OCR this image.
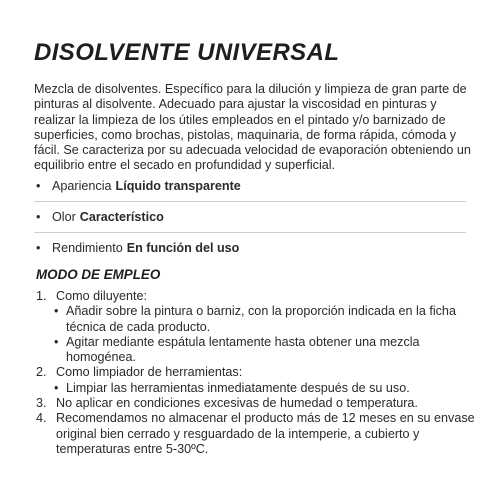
DISOLVENTE UNIVERSAL

Mezcla de disolventes. Específico para la dilución y limpieza de gran parte de pinturas al disolvente. Adecuado para ajustar la viscosidad en pinturas y realizar la limpieza de los útiles empleados en el pintado y/o barnizado de superficies, como brochas, pistolas, maquinaria, de forma rápida, cómoda y fácil. Se caracteriza por su adecuada velocidad de evaporación obteniendo un equilibrio entre el secado en profundidad y superficial.

• Apariencia Líquido transparente
• Olor Característico
• Rendimiento En función del uso
MODO DE EMPLEO
1. Como diluyente:
• Añadir sobre la pintura o barniz, con la proporción indicada en la ficha técnica de cada producto.
• Agitar mediante espátula lentamente hasta obtener una mezcla homogénea.
2. Como limpiador de herramientas:
• Limpiar las herramientas inmediatamente después de su uso.
3. No aplicar en condiciones excesivas de humedad o temperatura.
4. Recomendamos no almacenar el producto más de 12 meses en su envase original bien cerrado y resguardado de la intemperie, a cubierto y temperaturas entre 5-30ºC.
